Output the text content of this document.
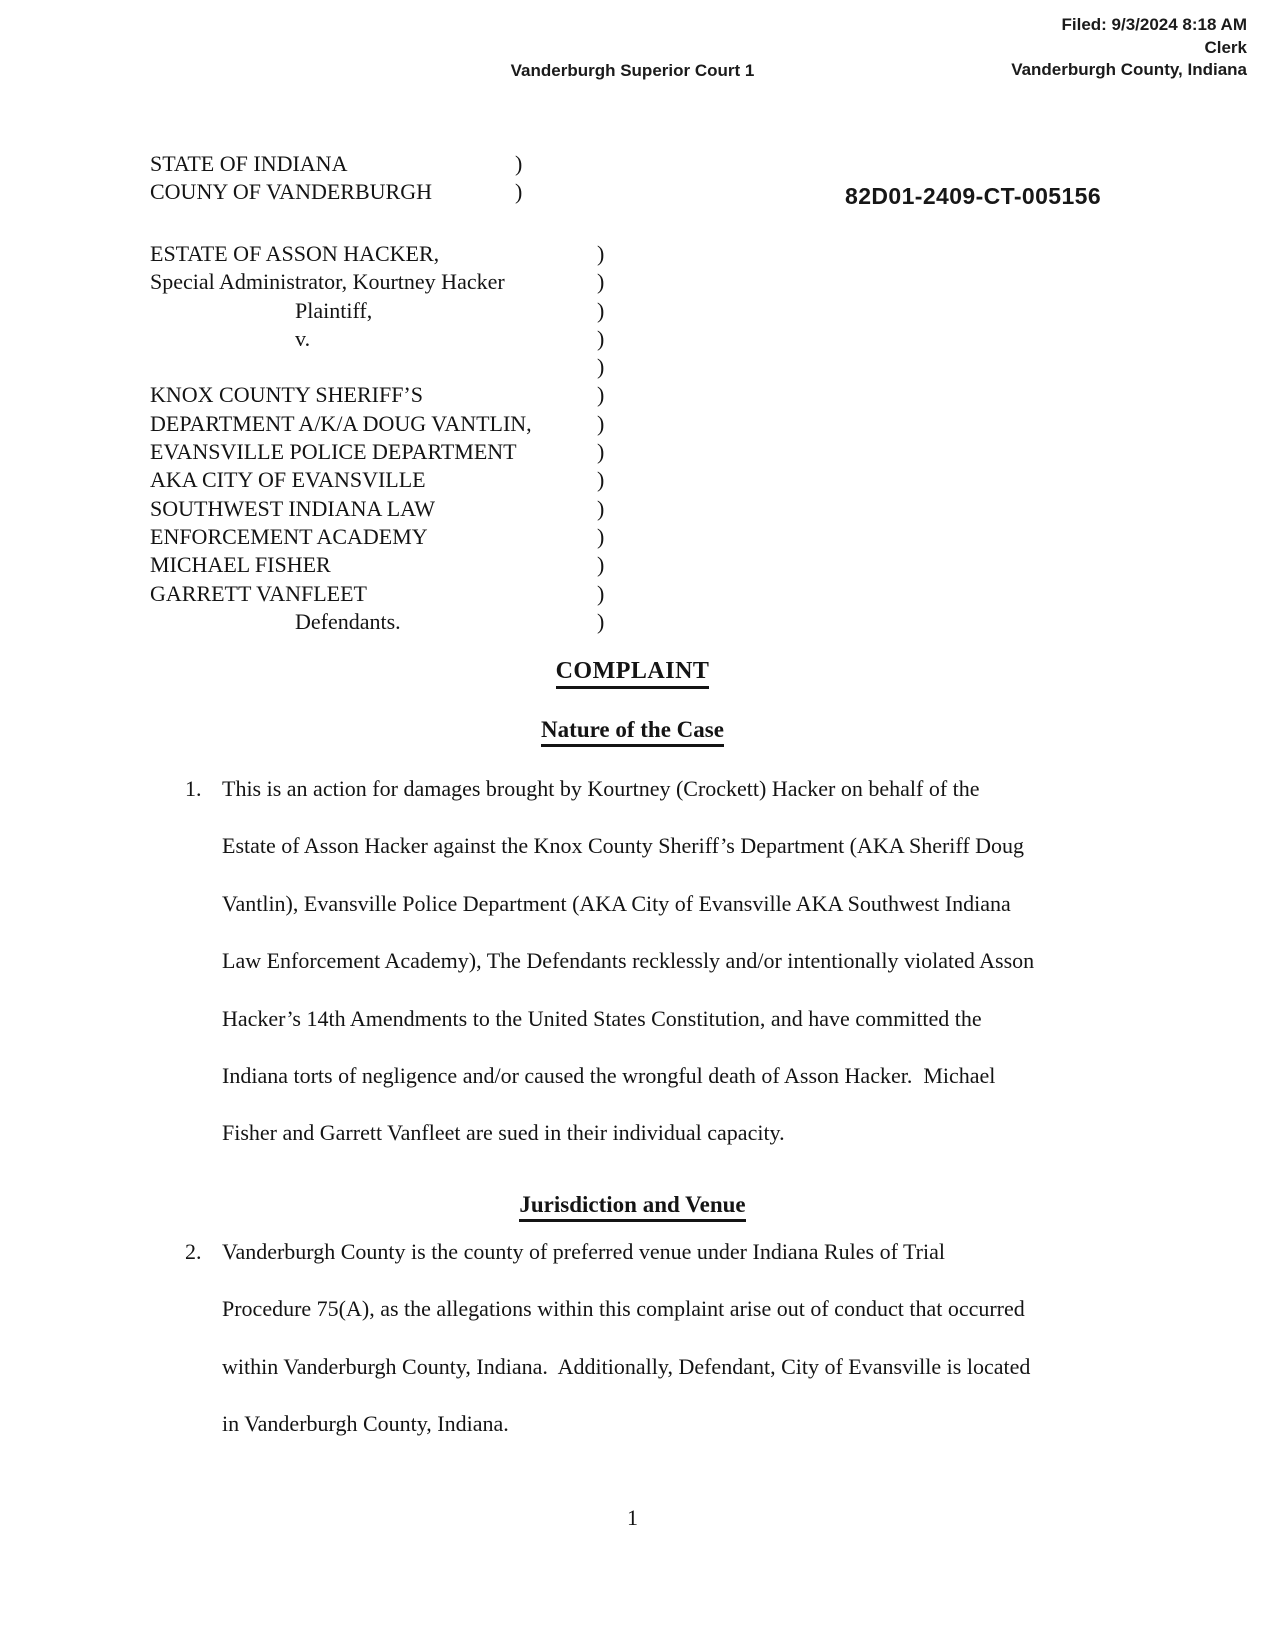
Filed: 9/3/2024 8:18 AM
Clerk
Vanderburgh County, Indiana
Vanderburgh Superior Court 1
STATE OF INDIANA	)
COUNY OF VANDERBURGH	)	82D01-2409-CT-005156
ESTATE OF ASSON HACKER,	)
Special Administrator, Kourtney Hacker	)
Plaintiff,	)
v.	)
)
KNOX COUNTY SHERIFF’S	)
DEPARTMENT A/K/A DOUG VANTLIN,	)
EVANSVILLE POLICE DEPARTMENT	)
AKA CITY OF EVANSVILLE	)
SOUTHWEST INDIANA LAW	)
ENFORCEMENT ACADEMY	)
MICHAEL FISHER	)
GARRETT VANFLEET	)
Defendants.	)
COMPLAINT
Nature of the Case
1. This is an action for damages brought by Kourtney (Crockett) Hacker on behalf of the
Estate of Asson Hacker against the Knox County Sheriff’s Department (AKA Sheriff Doug
Vantlin), Evansville Police Department (AKA City of Evansville AKA Southwest Indiana
Law Enforcement Academy), The Defendants recklessly and/or intentionally violated Asson
Hacker’s 14th Amendments to the United States Constitution, and have committed the
Indiana torts of negligence and/or caused the wrongful death of Asson Hacker.  Michael
Fisher and Garrett Vanfleet are sued in their individual capacity.
Jurisdiction and Venue
2. Vanderburgh County is the county of preferred venue under Indiana Rules of Trial
Procedure 75(A), as the allegations within this complaint arise out of conduct that occurred
within Vanderburgh County, Indiana.  Additionally, Defendant, City of Evansville is located
in Vanderburgh County, Indiana.
1
